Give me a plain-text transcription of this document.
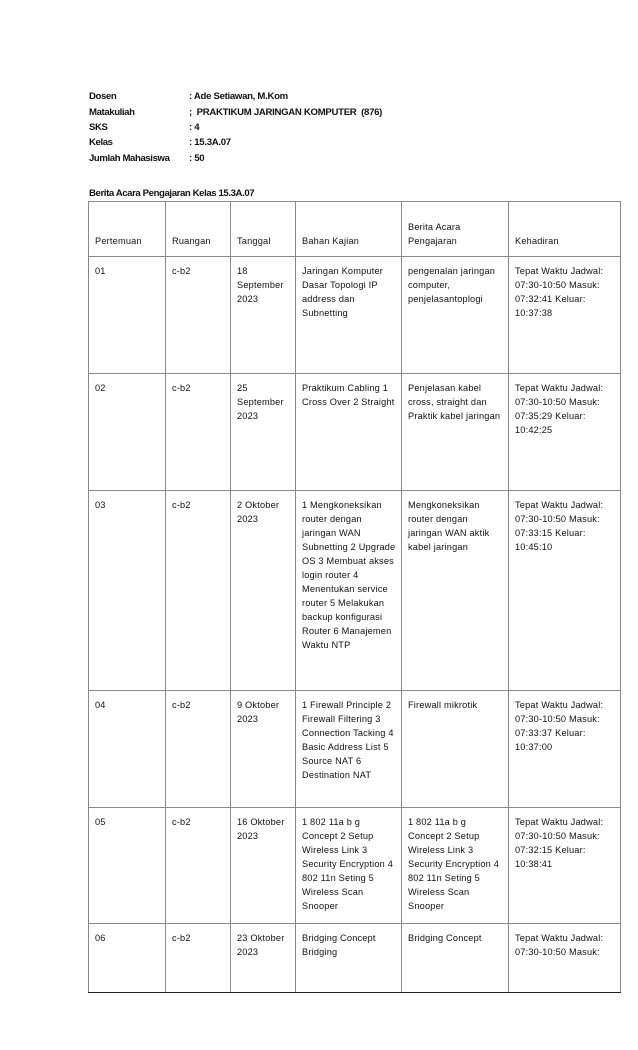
Dosen	: Ade Setiawan, M.Kom
Matakuliah	;  PRAKTIKUM JARINGAN KOMPUTER  (876)
SKS	: 4
Kelas	: 15.3A.07
Jumlah Mahasiswa	: 50
Berita Acara Pengajaran Kelas 15.3A.07
Pertemuan	Ruangan	Tanggal	Bahan Kajian	Berita Acara Pengajaran	Kehadiran
01	c-b2	18 September 2023	Jaringan Komputer Dasar Topologi IP address dan Subnetting	pengenalan jaringan computer, penjelasantoplogi	Tepat Waktu Jadwal: 07:30-10:50 Masuk: 07:32:41 Keluar: 10:37:38
02	c-b2	25 September 2023	Praktikum Cabling 1 Cross Over 2 Straight	Penjelasan kabel cross, straight dan Praktik kabel jaringan	Tepat Waktu Jadwal: 07:30-10:50 Masuk: 07:35:29 Keluar: 10:42:25
03	c-b2	2 Oktober 2023	1 Mengkoneksikan router dengan jaringan WAN Subnetting 2 Upgrade OS 3 Membuat akses login router 4 Menentukan service router 5 Melakukan backup konfigurasi Router 6 Manajemen Waktu NTP	Mengkoneksikan router dengan jaringan WAN aktik kabel jaringan	Tepat Waktu Jadwal: 07:30-10:50 Masuk: 07:33:15 Keluar: 10:45:10
04	c-b2	9 Oktober 2023	1 Firewall Principle 2 Firewall Filtering 3 Connection Tacking 4 Basic Address List 5 Source NAT 6 Destination NAT	Firewall mikrotik	Tepat Waktu Jadwal: 07:30-10:50 Masuk: 07:33:37 Keluar: 10:37:00
05	c-b2	16 Oktober 2023	1 802 11a b g Concept 2 Setup Wireless Link 3 Security Encryption 4 802 11n Seting 5 Wireless Scan Snooper	1 802 11a b g Concept 2 Setup Wireless Link 3 Security Encryption 4 802 11n Seting 5 Wireless Scan Snooper	Tepat Waktu Jadwal: 07:30-10:50 Masuk: 07:32:15 Keluar: 10:38:41
06	c-b2	23 Oktober 2023	Bridging Concept Bridging	Bridging Concept	Tepat Waktu Jadwal: 07:30-10:50 Masuk:
